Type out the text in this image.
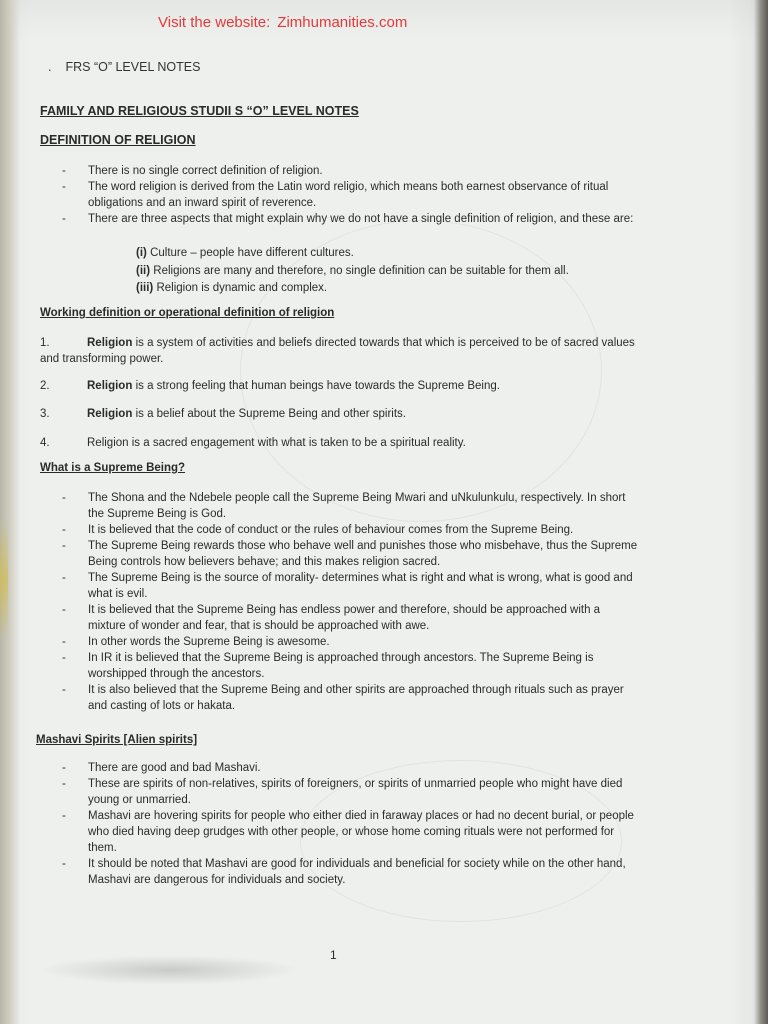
Visit the website: Zimhumanities.com
. FRS “O” LEVEL NOTES
FAMILY AND RELIGIOUS STUDII S “O” LEVEL NOTES
DEFINITION OF RELIGION
- There is no single correct definition of religion.
- The word religion is derived from the Latin word religio, which means both earnest observance of ritual obligations and an inward spirit of reverence.
- There are three aspects that might explain why we do not have a single definition of religion, and these are:
(i) Culture – people have different cultures.
(ii) Religions are many and therefore, no single definition can be suitable for them all.
(iii) Religion is dynamic and complex.
Working definition or operational definition of religion
1.	Religion is a system of activities and beliefs directed towards that which is perceived to be of sacred values and transforming power.
2.	Religion is a strong feeling that human beings have towards the Supreme Being.
3.	Religion is a belief about the Supreme Being and other spirits.
4.	Religion is a sacred engagement with what is taken to be a spiritual reality.
What is a Supreme Being?
- The Shona and the Ndebele people call the Supreme Being Mwari and uNkulunkulu, respectively. In short the Supreme Being is God.
- It is believed that the code of conduct or the rules of behaviour comes from the Supreme Being.
- The Supreme Being rewards those who behave well and punishes those who misbehave, thus the Supreme Being controls how believers behave; and this makes religion sacred.
- The Supreme Being is the source of morality- determines what is right and what is wrong, what is good and what is evil.
- It is believed that the Supreme Being has endless power and therefore, should be approached with a mixture of wonder and fear, that is should be approached with awe.
- In other words the Supreme Being is awesome.
- In IR it is believed that the Supreme Being is approached through ancestors. The Supreme Being is worshipped through the ancestors.
- It is also believed that the Supreme Being and other spirits are approached through rituals such as prayer and casting of lots or hakata.
Mashavi Spirits [Alien spirits]
- There are good and bad Mashavi.
- These are spirits of non-relatives, spirits of foreigners, or spirits of unmarried people who might have died young or unmarried.
- Mashavi are hovering spirits for people who either died in faraway places or had no decent burial, or people who died having deep grudges with other people, or whose home coming rituals were not performed for them.
- It should be noted that Mashavi are good for individuals and beneficial for society while on the other hand, Mashavi are dangerous for individuals and society.
1
